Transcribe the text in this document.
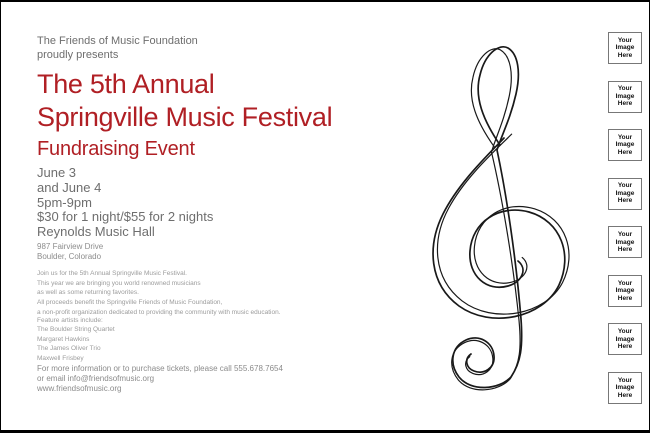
The Friends of Music Foundation
proudly presents
The 5th Annual
Springville Music Festival
Fundraising Event
June 3
and June 4
5pm-9pm
$30 for 1 night/$55 for 2 nights
Reynolds Music Hall
987 Fairview Drive
Boulder, Colorado
Join us for the 5th Annual Springville Music Festival.
This year we are bringing you world renowned musicians
as well as some returning favorites.
All proceeds benefit the Springville Friends of Music Foundation,
a non-profit organization dedicated to providing the community with music education.
Feature artists include:
The Boulder String Quartet
Margaret Hawkins
The James Oliver Trio
Maxwell Frisbey
For more information or to purchase tickets, please call 555.678.7654
or email info@friendsofmusic.org
www.friendsofmusic.org
Your
Image
Here
Your
Image
Here
Your
Image
Here
Your
Image
Here
Your
Image
Here
Your
Image
Here
Your
Image
Here
Your
Image
Here
